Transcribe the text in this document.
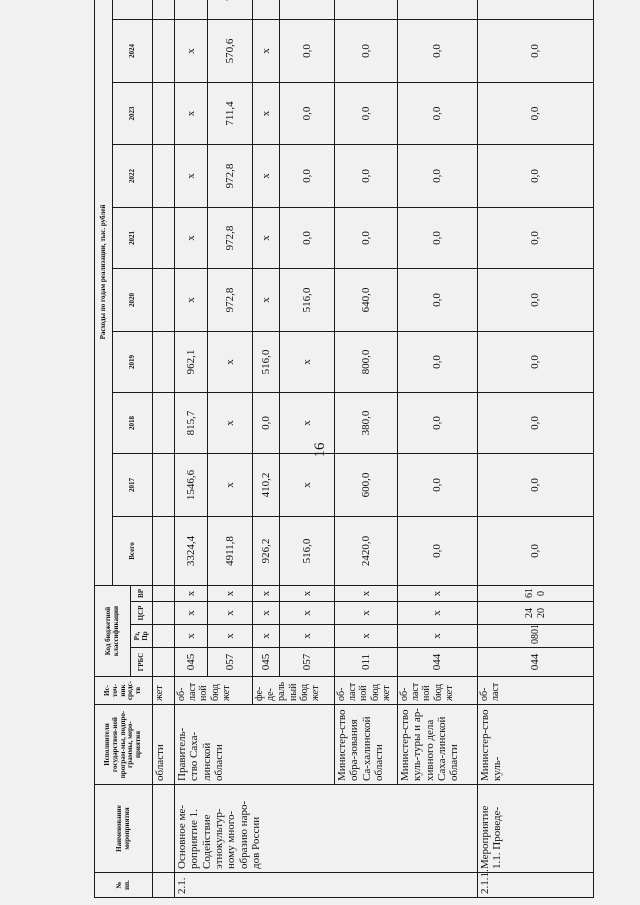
16
№ пп.	Наименование мероприятия	Исполнители государствен-ной програм-мы, подпро-граммы, меро-приятия	Ис-точ-ник средс-тв	Код бюджетной классификации				Расходы по годам реализации, тыс. рублей									
								Всего	2017	2018	2019	2020	2021	2022	2023	2024	
				ГРБС	Рз, Пр	ЦСР	ВР										
		области	жет														
2.1.	Основное ме-роприятие 1. Содействие этнокультур-ному много-образию наро-дов России	Правитель-ство Саха-линской области	об-ласт ной бюд жет	045	х	х	х	3324,4	1546,6	815,7	962,1	х	х	х	х	х	
				057	х	х	х	4911,8	х	х	х	972,8	972,8	972,8	711,4	570,6	
			фе-де-раль ный бюд жет	045	х	х	х	926,2	410,2	0,0	516,0	х	х	х	х	х	
				057	х	х	х	516,0	х	х	х	516,0	0,0	0,0	0,0	0,0	
		Министер-ство обра-зования Са-халинской области	об-ласт ной бюд жет	011	х	х	х	2420,0	600,0	380,0	800,0	640,0	0,0	0,0	0,0	0,0	
		Министер-ство куль-туры и ар-хивного дела Саха-линской области	об-ласт ной бюд жет	044	х	х	х	0,0	0,0	0,0	0,0	0,0	0,0	0,0	0,0	0,0	
2.1.1.	Мероприятие 1.1. Проведе-	Министер-ство куль-	об-ласт	044	0801	24 20	61 0	0,0	0,0	0,0	0,0	0,0	0,0	0,0	0,0	0,0	
